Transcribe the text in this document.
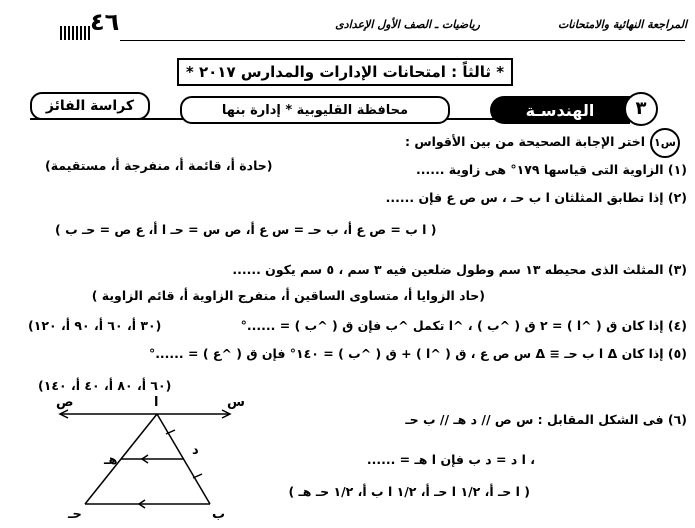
المراجعة النهائية والامتحانات
رياضيات ـ الصف الأول الإعدادى
٤٦
* ثالثاً : امتحانات الإدارات والمدارس ٢٠١٧ *
كراسة الفائز	محافظة القليوبية * إدارة بنها	الهندسـة	٣
س١
اختر الإجابة الصحيحة من بين الأقواس :
(١) الزاوية التى قياسها ١٧٩° هى زاوية ......
(حادة أ، قائمة أ، منفرجة أ، مستقيمة)
(٢) إذا تطابق المثلثان ا ب حـ ، س ص ع فإن ......
( ا ب = ص ع أ، ب حـ = س ع أ، ص س = حـ ا أ، ع ص = حـ ب )
(٣) المثلث الذى محيطه ١٣ سم وطول ضلعين فيه ٣ سم ، ٥ سم يكون ......
(حاد الزوايا أ، متساوى الساقين أ، منفرج الزاوية أ، قائم الزاوية )
(٤) إذا كان ق ( ^ا ) = ٢ ق ( ^ب ) ، ^ا تكمل ^ب فإن ق ( ^ب ) = ......°
(٣٠ أ، ٦٠ أ، ٩٠ أ، ١٢٠)
(٥) إذا كان Δ ا ب حـ ≡ Δ س ص ع ، ق ( ^ا ) + ق ( ^ب ) = ١٤٠° فإن ق ( ^ع ) = ......°
(٦٠ أ، ٨٠ أ، ٤٠ أ، ١٤٠)
(٦) فى الشكل المقابل : س ص // د هـ // ب حـ
، ا د = د ب فإن ا هـ = ......
( ا حـ أ، ١/٢ ا حـ أ، ١/٢ ا ب أ، ١/٢ حـ هـ )
س
ا
ص
د
هـ
ب
حـ
